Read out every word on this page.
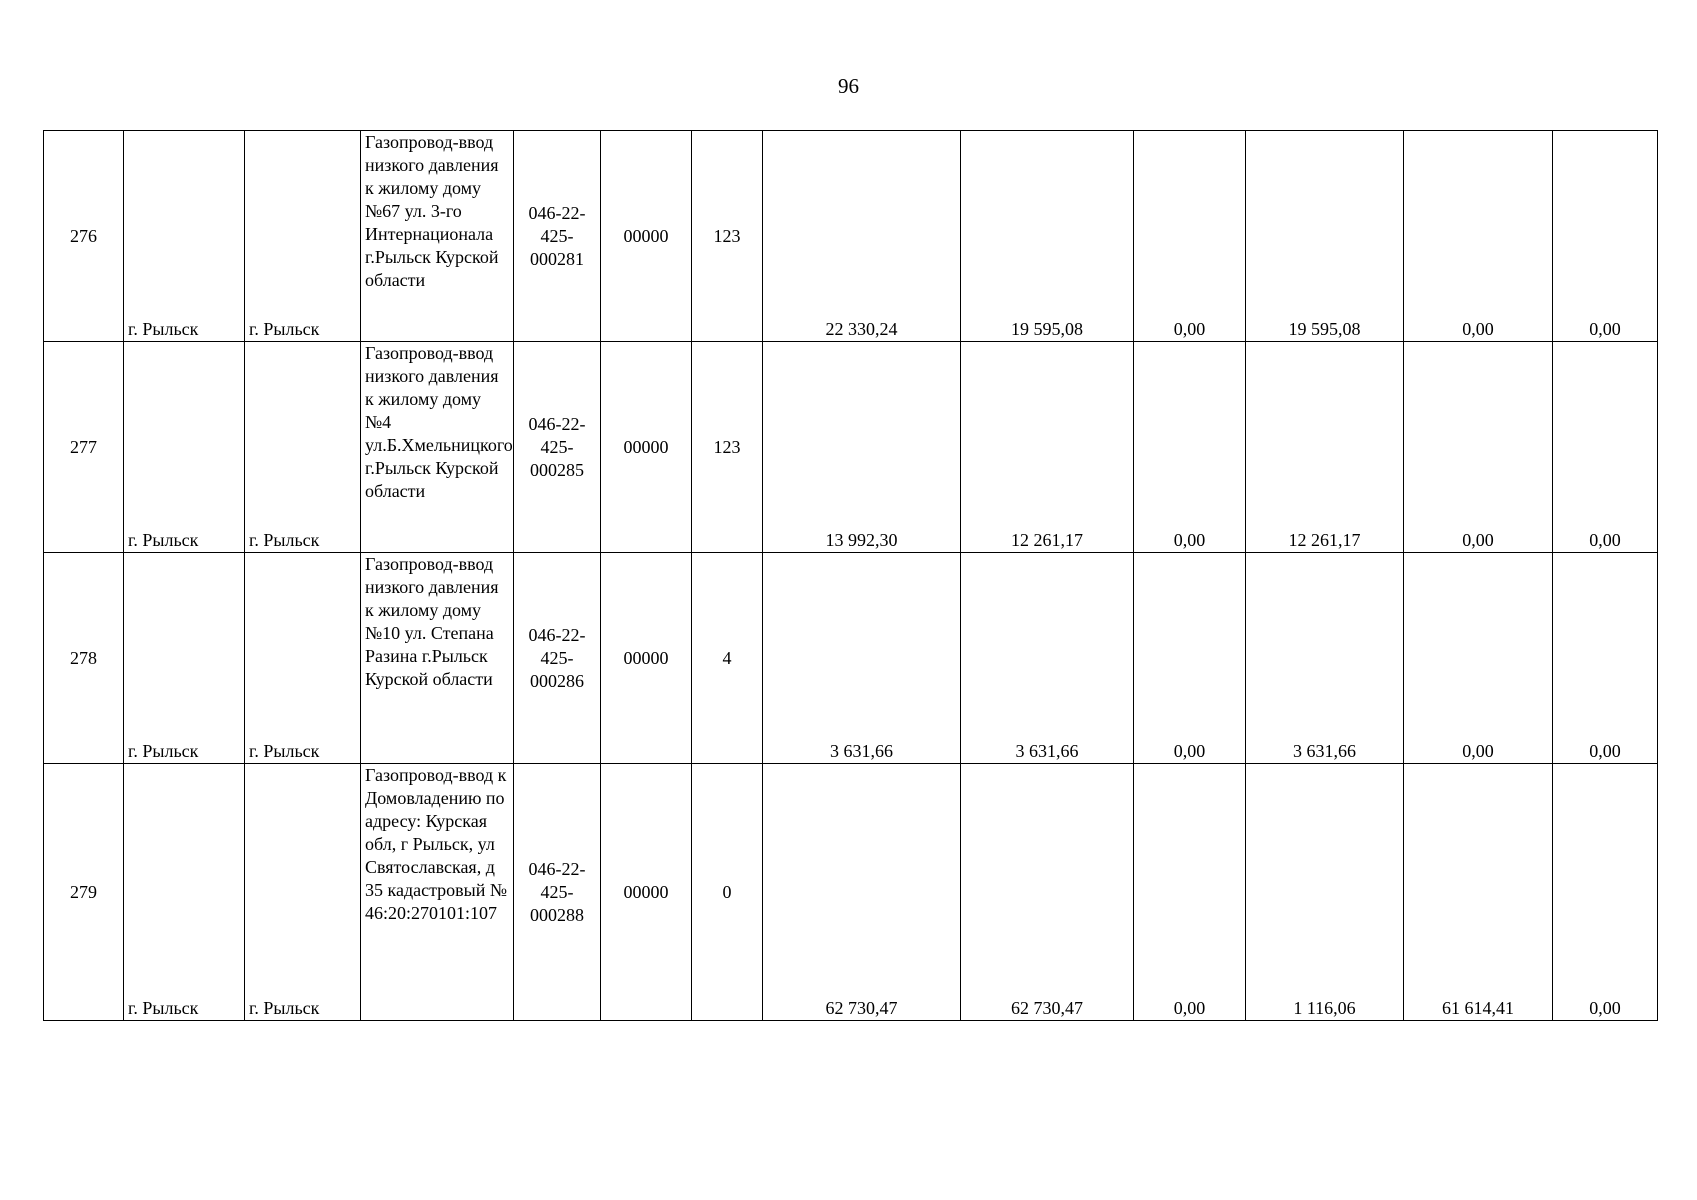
96
276	г. Рыльск	г. Рыльск	Газопровод-ввод низкого давления к жилому дому №67 ул. 3-го Интернационала г.Рыльск Курской области	046-22-425-000281	00000	123	22 330,24	19 595,08	0,00	19 595,08	0,00	0,00
277	г. Рыльск	г. Рыльск	Газопровод-ввод низкого давления к жилому дому №4 ул.Б.Хмельницкого г.Рыльск Курской области	046-22-425-000285	00000	123	13 992,30	12 261,17	0,00	12 261,17	0,00	0,00
278	г. Рыльск	г. Рыльск	Газопровод-ввод низкого давления к жилому дому №10 ул. Степана Разина г.Рыльск Курской области	046-22-425-000286	00000	4	3 631,66	3 631,66	0,00	3 631,66	0,00	0,00
279	г. Рыльск	г. Рыльск	Газопровод-ввод к Домовладению по адресу: Курская обл, г Рыльск, ул Святославская, д 35 кадастровый № 46:20:270101:107	046-22-425-000288	00000	0	62 730,47	62 730,47	0,00	1 116,06	61 614,41	0,00
